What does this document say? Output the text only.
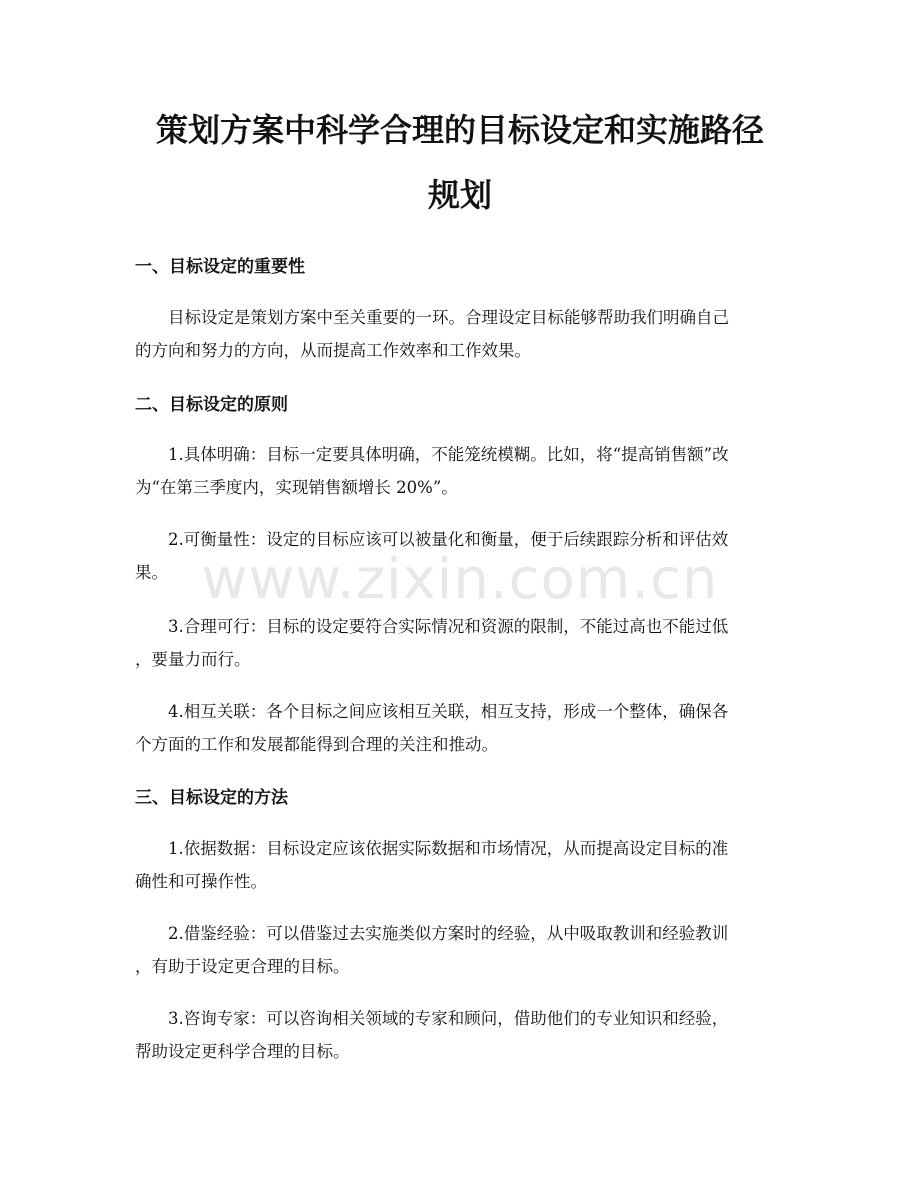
策划方案中科学合理的目标设定和实施路径
规划
一、目标设定的重要性

目标设定是策划方案中至关重要的一环。合理设定目标能够帮助我们明确自己
的方向和努力的方向，从而提高工作效率和工作效果。

二、目标设定的原则

1.具体明确：目标一定要具体明确，不能笼统模糊。比如，将“提高销售额”改
为“在第三季度内，实现销售额增长 20%”。

2.可衡量性：设定的目标应该可以被量化和衡量，便于后续跟踪分析和评估效
果。

3.合理可行：目标的设定要符合实际情况和资源的限制，不能过高也不能过低
，要量力而行。

4.相互关联：各个目标之间应该相互关联，相互支持，形成一个整体，确保各
个方面的工作和发展都能得到合理的关注和推动。

三、目标设定的方法

1.依据数据：目标设定应该依据实际数据和市场情况，从而提高设定目标的准
确性和可操作性。

2.借鉴经验：可以借鉴过去实施类似方案时的经验，从中吸取教训和经验教训
，有助于设定更合理的目标。

3.咨询专家：可以咨询相关领域的专家和顾问，借助他们的专业知识和经验，
帮助设定更科学合理的目标。

www.zixin.com.cn
